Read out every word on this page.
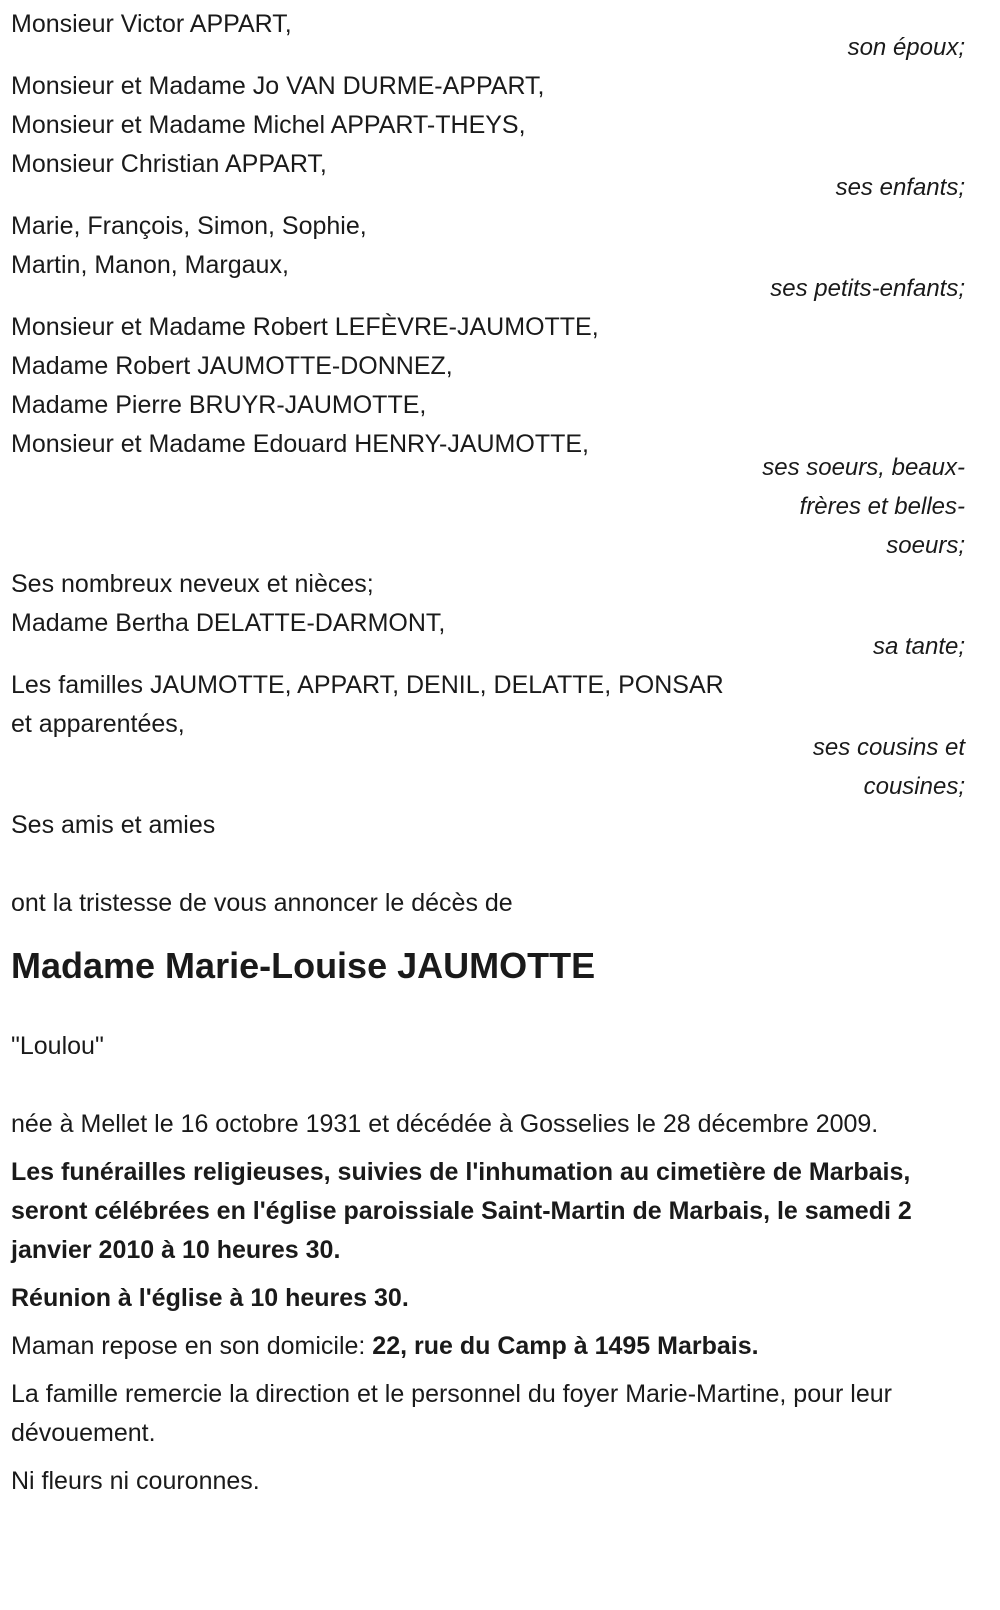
Monsieur Victor APPART,
son époux;
Monsieur et Madame Jo VAN DURME-APPART,
Monsieur et Madame Michel APPART-THEYS,
Monsieur Christian APPART,
ses enfants;
Marie, François, Simon, Sophie,
Martin, Manon, Margaux,
ses petits-enfants;
Monsieur et Madame Robert LEFÈVRE-JAUMOTTE,
Madame Robert JAUMOTTE-DONNEZ,
Madame Pierre BRUYR-JAUMOTTE,
Monsieur et Madame Edouard HENRY-JAUMOTTE,
ses soeurs, beaux-frères et belles-soeurs;
Ses nombreux neveux et nièces;
Madame Bertha DELATTE-DARMONT,
sa tante;
Les familles JAUMOTTE, APPART, DENIL, DELATTE, PONSAR
et apparentées,
ses cousins et cousines;
Ses amis et amies
ont la tristesse de vous annoncer le décès de
Madame Marie-Louise JAUMOTTE
"Loulou"
née à Mellet le 16 octobre 1931 et décédée à Gosselies le 28 décembre 2009.
Les funérailles religieuses, suivies de l'inhumation au cimetière de Marbais, seront célébrées en l'église paroissiale Saint-Martin de Marbais, le samedi 2 janvier 2010 à 10 heures 30.
Réunion à l'église à 10 heures 30.
Maman repose en son domicile: 22, rue du Camp à 1495 Marbais.
La famille remercie la direction et le personnel du foyer Marie-Martine, pour leur dévouement.
Ni fleurs ni couronnes.
